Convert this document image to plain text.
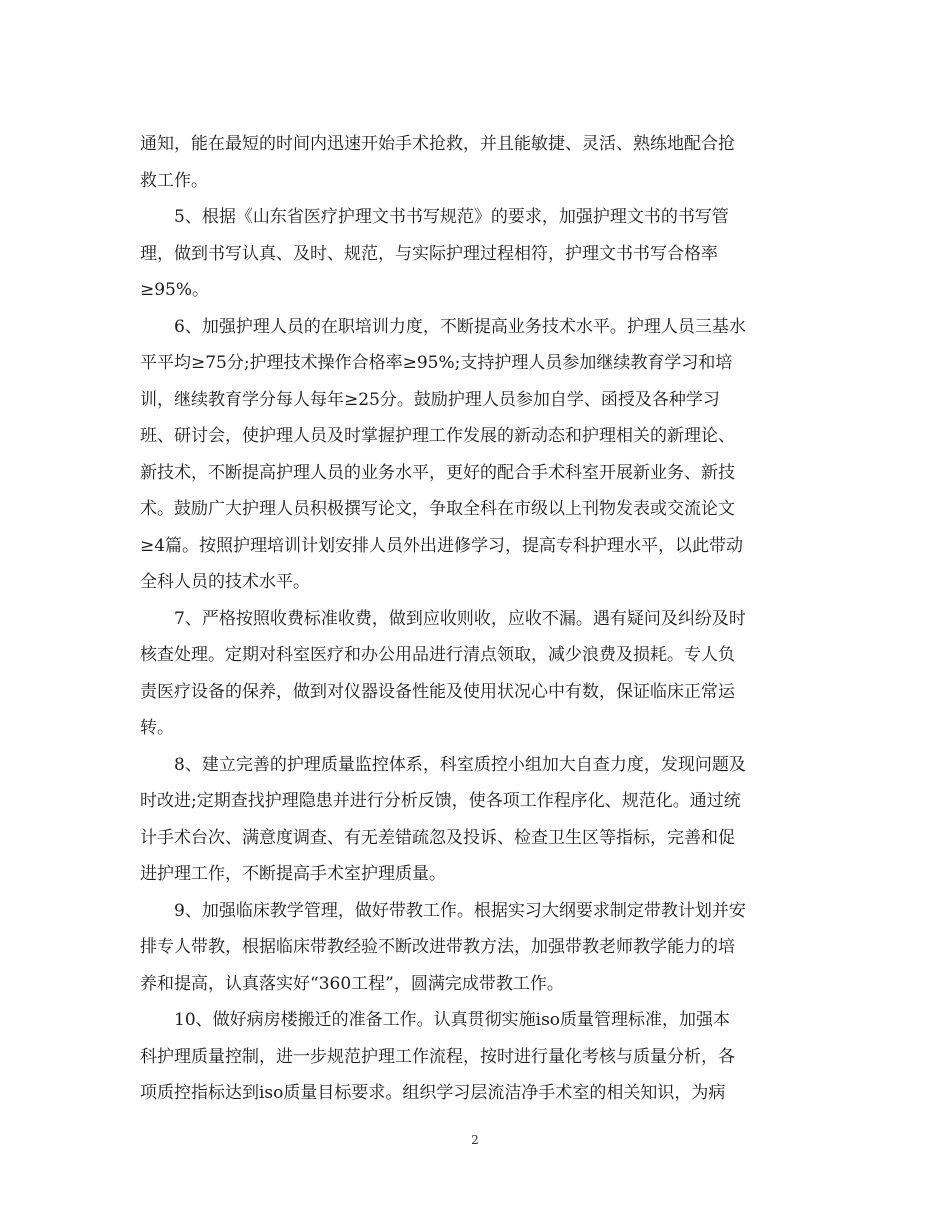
通知，能在最短的时间内迅速开始手术抢救，并且能敏捷、灵活、熟练地配合抢
救工作。
　　5、根据《山东省医疗护理文书书写规范》的要求，加强护理文书的书写管
理，做到书写认真、及时、规范，与实际护理过程相符，护理文书书写合格率
≥95%。
　　6、加强护理人员的在职培训力度，不断提高业务技术水平。护理人员三基水
平平均≥75分;护理技术操作合格率≥95%;支持护理人员参加继续教育学习和培
训，继续教育学分每人每年≥25分。鼓励护理人员参加自学、函授及各种学习
班、研讨会，使护理人员及时掌握护理工作发展的新动态和护理相关的新理论、
新技术，不断提高护理人员的业务水平，更好的配合手术科室开展新业务、新技
术。鼓励广大护理人员积极撰写论文，争取全科在市级以上刊物发表或交流论文
≥4篇。按照护理培训计划安排人员外出进修学习，提高专科护理水平，以此带动
全科人员的技术水平。
　　7、严格按照收费标准收费，做到应收则收，应收不漏。遇有疑问及纠纷及时
核查处理。定期对科室医疗和办公用品进行清点领取，减少浪费及损耗。专人负
责医疗设备的保养，做到对仪器设备性能及使用状况心中有数，保证临床正常运
转。
　　8、建立完善的护理质量监控体系，科室质控小组加大自查力度，发现问题及
时改进;定期查找护理隐患并进行分析反馈，使各项工作程序化、规范化。通过统
计手术台次、满意度调查、有无差错疏忽及投诉、检查卫生区等指标，完善和促
进护理工作，不断提高手术室护理质量。
　　9、加强临床教学管理，做好带教工作。根据实习大纲要求制定带教计划并安
排专人带教，根据临床带教经验不断改进带教方法，加强带教老师教学能力的培
养和提高，认真落实好“360工程”，圆满完成带教工作。
　　10、做好病房楼搬迁的准备工作。认真贯彻实施iso质量管理标准，加强本
科护理质量控制，进一步规范护理工作流程，按时进行量化考核与质量分析，各
项质控指标达到iso质量目标要求。组织学习层流洁净手术室的相关知识，为病
2
